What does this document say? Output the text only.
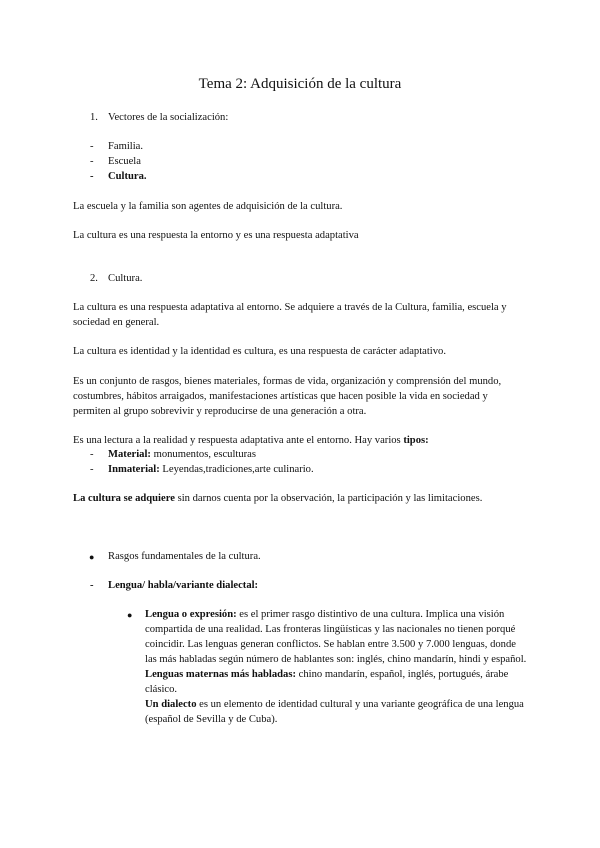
Tema 2: Adquisición de la cultura
1. Vectores de la socialización:
- Familia.
- Escuela
- Cultura.
La escuela y la familia son agentes de adquisición de la cultura.
La cultura es una respuesta la entorno y es una respuesta adaptativa
2. Cultura.
La cultura es una respuesta adaptativa al entorno. Se adquiere a través de la Cultura, familia, escuela y sociedad en general.
La cultura es identidad y la identidad es cultura, es una respuesta de carácter adaptativo.
Es un conjunto de rasgos, bienes materiales, formas de vida, organización y comprensión del mundo, costumbres, hábitos arraigados, manifestaciones artísticas que hacen posible la vida en sociedad y permiten al grupo sobrevivir y reproducirse de una generación a otra.
Es una lectura a la realidad y respuesta adaptativa ante el entorno. Hay varios tipos:
- Material: monumentos, esculturas
- Inmaterial: Leyendas,tradiciones,arte culinario.
La cultura se adquiere sin darnos cuenta por la observación, la participación y las limitaciones.
● Rasgos fundamentales de la cultura.
- Lengua/ habla/variante dialectal:
● Lengua o expresión: es el primer rasgo distintivo de una cultura. Implica una visión compartida de una realidad. Las fronteras lingüísticas y las nacionales no tienen porqué coincidir. Las lenguas generan conflictos. Se hablan entre 3.500 y 7.000 lenguas, donde las más habladas según número de hablantes son: inglés, chino mandarín, hindi y español.
Lenguas maternas más habladas: chino mandarín, español, inglés, portugués, árabe clásico.
Un dialecto es un elemento de identidad cultural y una variante geográfica de una lengua (español de Sevilla y de Cuba).
